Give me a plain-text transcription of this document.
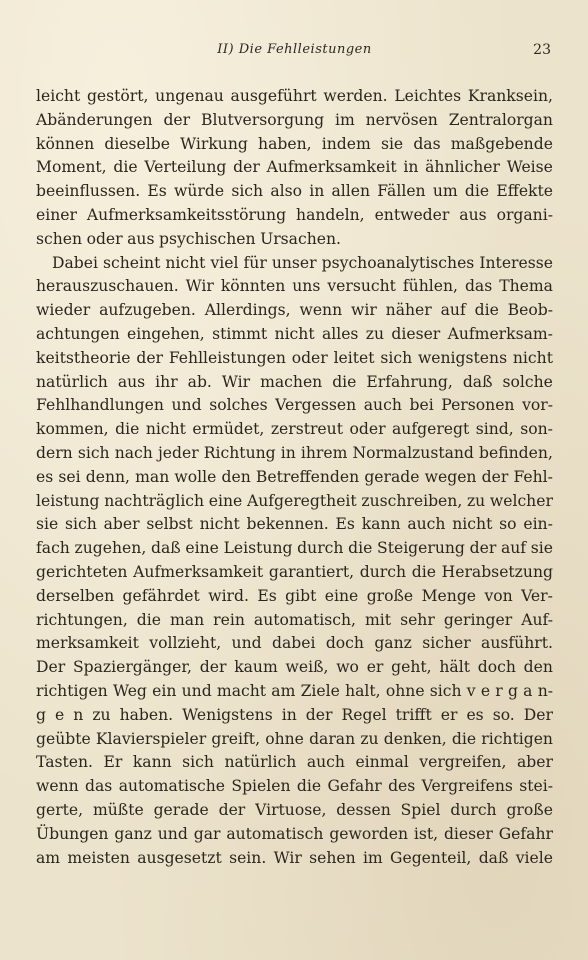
II) Die Fehlleistungen	23
leicht gestört, ungenau ausgeführt werden. Leichtes Kranksein,
Abänderungen der Blutversorgung im nervösen Zentralorgan
können dieselbe Wirkung haben, indem sie das maßgebende
Moment, die Verteilung der Aufmerksamkeit in ähnlicher Weise
beeinflussen. Es würde sich also in allen Fällen um die Effekte
einer Aufmerksamkeitsstörung handeln, entweder aus organi-
schen oder aus psychischen Ursachen.
Dabei scheint nicht viel für unser psychoanalytisches Interesse
herauszuschauen. Wir könnten uns versucht fühlen, das Thema
wieder aufzugeben. Allerdings, wenn wir näher auf die Beob-
achtungen eingehen, stimmt nicht alles zu dieser Aufmerksam-
keitstheorie der Fehlleistungen oder leitet sich wenigstens nicht
natürlich aus ihr ab. Wir machen die Erfahrung, daß solche
Fehlhandlungen und solches Vergessen auch bei Personen vor-
kommen, die nicht ermüdet, zerstreut oder aufgeregt sind, son-
dern sich nach jeder Richtung in ihrem Normalzustand befinden,
es sei denn, man wolle den Betreffenden gerade wegen der Fehl-
leistung nachträglich eine Aufgeregtheit zuschreiben, zu welcher
sie sich aber selbst nicht bekennen. Es kann auch nicht so ein-
fach zugehen, daß eine Leistung durch die Steigerung der auf sie
gerichteten Aufmerksamkeit garantiert, durch die Herabsetzung
derselben gefährdet wird. Es gibt eine große Menge von Ver-
richtungen, die man rein automatisch, mit sehr geringer Auf-
merksamkeit vollzieht, und dabei doch ganz sicher ausführt.
Der Spaziergänger, der kaum weiß, wo er geht, hält doch den
richtigen Weg ein und macht am Ziele halt, ohne sich v e r g a n-
g e n zu haben. Wenigstens in der Regel trifft er es so. Der
geübte Klavierspieler greift, ohne daran zu denken, die richtigen
Tasten. Er kann sich natürlich auch einmal vergreifen, aber
wenn das automatische Spielen die Gefahr des Vergreifens stei-
gerte, müßte gerade der Virtuose, dessen Spiel durch große
Übungen ganz und gar automatisch geworden ist, dieser Gefahr
am meisten ausgesetzt sein. Wir sehen im Gegenteil, daß viele
